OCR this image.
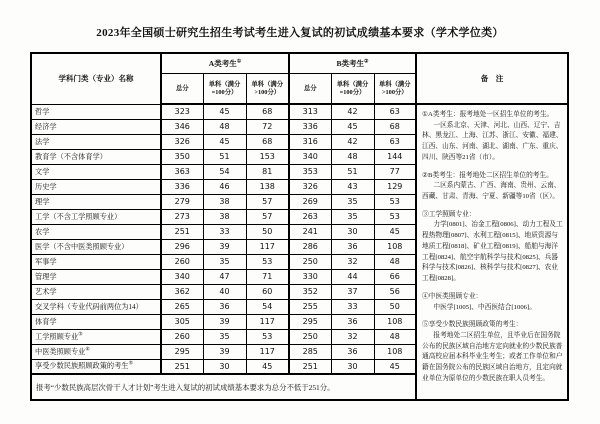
2023年全国硕士研究生招生考试考生进入复试的初试成绩基本要求（学术学位类）
学科门类（专业）名称	A类考生①			B类考生②			备　注
	总分	单科（满分 =100分）	单科（满分 >100分）	总分	单科（满分 =100分）	单科（满分 >100分）	
哲学	323	45	68	313	42	63	①A类考生：报考地处一区招生单位的考生。
一区系北京、天津、河北、山西、辽宁、吉林、黑龙江、上海、江苏、浙江、安徽、福建、江西、山东、河南、湖北、湖南、广东、重庆、四川、陕西等21省（市）。
②B类考生：报考地处二区招生单位的考生。
二区系内蒙古、广西、海南、贵州、云南、西藏、甘肃、青海、宁夏、新疆等10省（区）。
③工学照顾专业：
力学[0801]、冶金工程[0806]、动力工程及工程热物理[0807]、水利工程[0815]、地质资源与地质工程[0818]、矿业工程[0819]、船舶与海洋工程[0824]、航空宇航科学与技术[0825]、兵器科学与技术[0826]、核科学与技术[0827]、农业工程[0828]。
④中医类照顾专业：
中医学[1005]、中西医结合[1006]。
⑤享受少数民族照顾政策的考生：
报考地处二区招生单位，且毕业后在国务院公布的民族区域自治地方定向就业的少数民族普通高校应届本科毕业生考生；或者工作单位和户籍在国务院公布的民族区域自治地方，且定向就业单位为原单位的少数民族在职人员考生。

经济学	346	48	72	336	45	68	
法学	326	45	68	316	42	63	
教育学（不含体育学）	350	51	153	340	48	144	
文学	363	54	81	353	51	77	
历史学	336	46	138	326	43	129	
理学	279	38	57	269	35	53	
工学（不含工学照顾专业）	273	38	57	263	35	53	
农学	251	33	50	241	30	45	
医学（不含中医类照顾专业）	296	39	117	286	36	108	
军事学	260	35	53	250	32	48	
管理学	340	47	71	330	44	66	
艺术学	362	40	60	352	37	56	
交叉学科（专业代码前两位为14）	265	36	54	255	33	50	
体育学	305	39	117	295	36	108	
工学照顾专业③	260	35	53	250	32	48	
中医类照顾专业④	295	39	117	285	36	108	
享受少数民族照顾政策的考生⑤	251	30	45	251	30	45	
报考“少数民族高层次骨干人才计划”考生进入复试的初试成绩基本要求为总分不低于251分。							
